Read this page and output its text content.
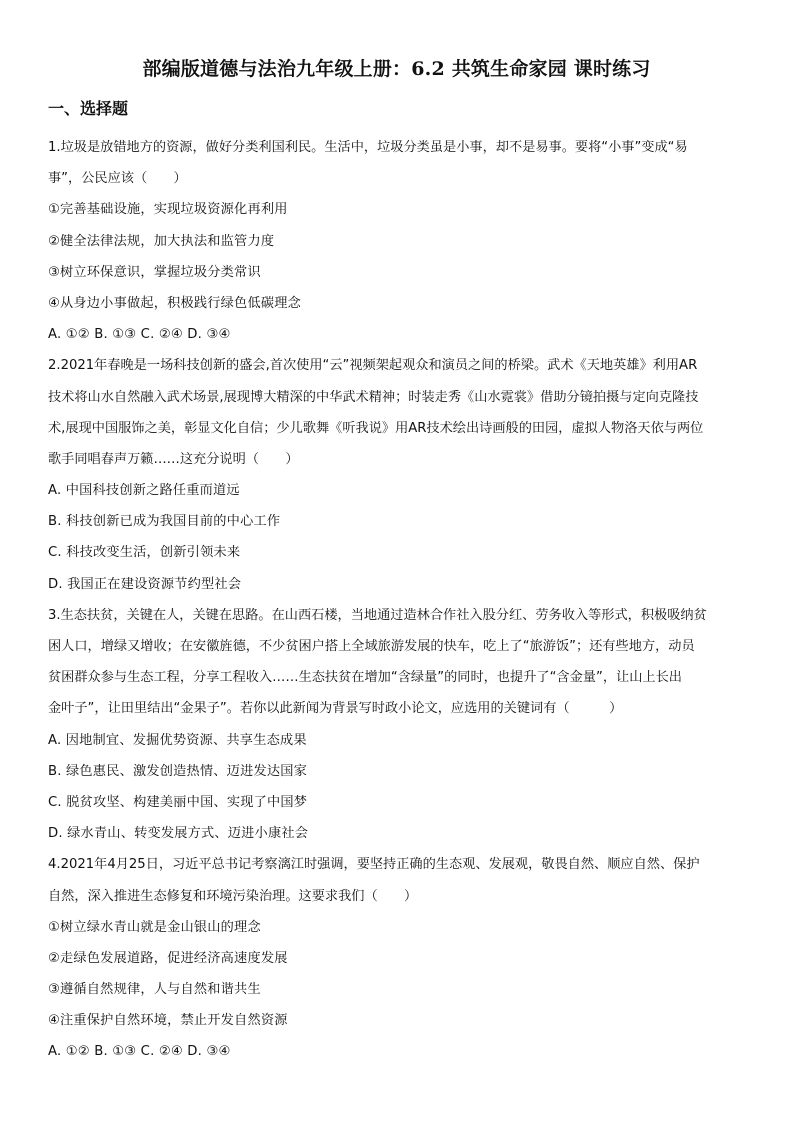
部编版道德与法治九年级上册：6.2 共筑生命家园 课时练习
一、选择题
1.垃圾是放错地方的资源，做好分类利国利民。生活中，垃圾分类虽是小事，却不是易事。要将“小事”变成“易
事”，公民应该（　　）
①完善基础设施，实现垃圾资源化再利用
②健全法律法规，加大执法和监管力度
③树立环保意识，掌握垃圾分类常识
④从身边小事做起，积极践行绿色低碳理念
A. ①② B. ①③ C. ②④ D. ③④
2.2021年春晚是一场科技创新的盛会,首次使用“云”视频架起观众和演员之间的桥梁。武术《天地英雄》利用AR
技术将山水自然融入武术场景,展现博大精深的中华武术精神；时装走秀《山水霓裳》借助分镜拍摄与定向克隆技
术,展现中国服饰之美，彰显文化自信；少儿歌舞《听我说》用AR技术绘出诗画般的田园，虚拟人物洛天依与两位
歌手同唱春声万籁……这充分说明（　　）
A. 中国科技创新之路任重而道远
B. 科技创新已成为我国目前的中心工作
C. 科技改变生活，创新引领未来
D. 我国正在建设资源节约型社会
3.生态扶贫，关键在人，关键在思路。在山西石楼，当地通过造林合作社入股分红、劳务收入等形式，积极吸纳贫
困人口，增绿又增收；在安徽旌德，不少贫困户搭上全域旅游发展的快车，吃上了“旅游饭”；还有些地方，动员
贫困群众参与生态工程，分享工程收入……生态扶贫在增加“含绿量”的同时，也提升了“含金量”，让山上长出
金叶子”，让田里结出“金果子”。若你以此新闻为背景写时政小论文，应选用的关键词有（　　　）
A. 因地制宜、发掘优势资源、共享生态成果
B. 绿色惠民、激发创造热情、迈进发达国家
C. 脱贫攻坚、构建美丽中国、实现了中国梦
D. 绿水青山、转变发展方式、迈进小康社会
4.2021年4月25日，习近平总书记考察漓江时强调，要坚持正确的生态观、发展观，敬畏自然、顺应自然、保护
自然，深入推进生态修复和环境污染治理。这要求我们（　　）
①树立绿水青山就是金山银山的理念
②走绿色发展道路，促进经济高速度发展
③遵循自然规律，人与自然和谐共生
④注重保护自然环境，禁止开发自然资源
A. ①② B. ①③ C. ②④ D. ③④
